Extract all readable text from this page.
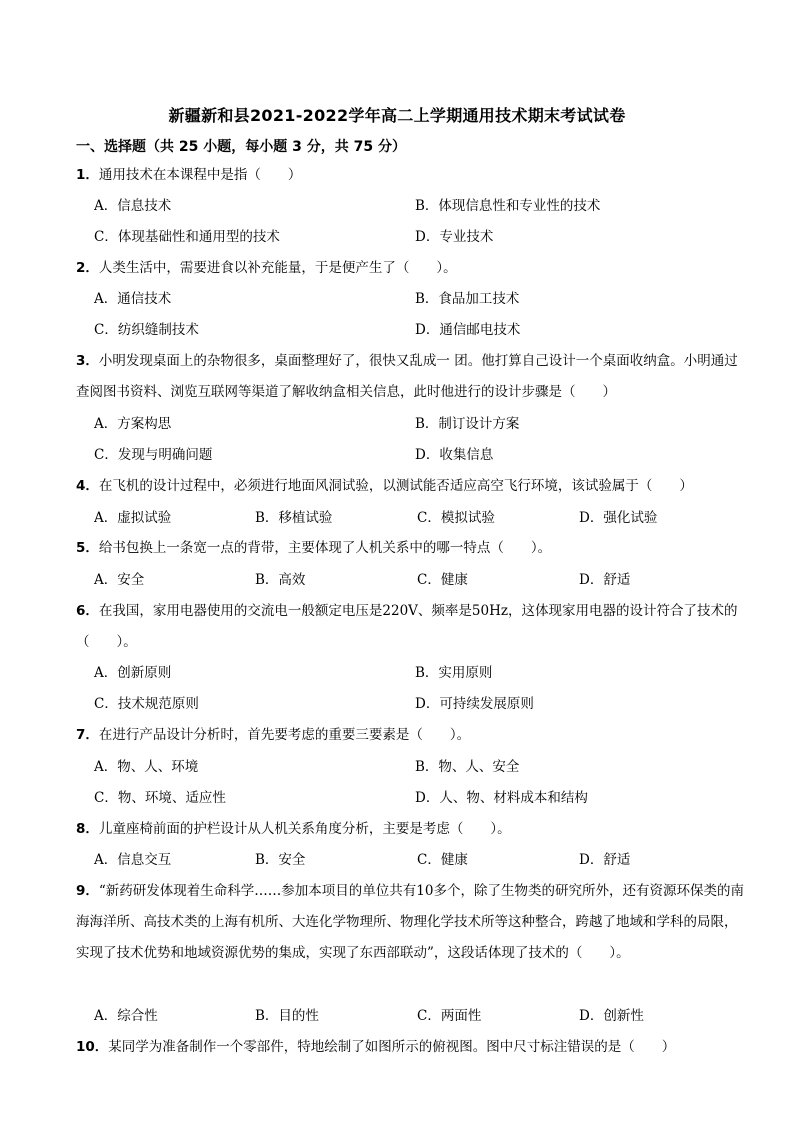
新疆新和县2021-2022学年高二上学期通用技术期末考试试卷
一、选择题（共 25 小题，每小题 3 分，共 75 分）
1．通用技术在本课程中是指（　　）
A．信息技术	B．体现信息性和专业性的技术
C．体现基础性和通用型的技术	D．专业技术
2．人类生活中，需要进食以补充能量，于是便产生了（　　）。
A．通信技术	B．食品加工技术
C．纺织缝制技术	D．通信邮电技术
3．小明发现桌面上的杂物很多，桌面整理好了，很快又乱成一 团。他打算自己设计一个桌面收纳盒。小明通过查阅图书资料、浏览互联网等渠道了解收纳盒相关信息，此时他进行的设计步骤是（　　）
A．方案构思	B．制订设计方案
C．发现与明确问题	D．收集信息
4．在飞机的设计过程中，必须进行地面风洞试验，以测试能否适应高空飞行环境，该试验属于（　　）
A．虚拟试验	B．移植试验	C．模拟试验	D．强化试验
5．给书包换上一条宽一点的背带，主要体现了人机关系中的哪一特点（　　）。
A．安全	B．高效	C．健康	D．舒适
6．在我国，家用电器使用的交流电一般额定电压是220V、频率是50Hz，这体现家用电器的设计符合了技术的（　　）。
A．创新原则	B．实用原则
C．技术规范原则	D．可持续发展原则
7．在进行产品设计分析时，首先要考虑的重要三要素是（　　）。
A．物、人、环境	B．物、人、安全
C．物、环境、适应性	D．人、物、材料成本和结构
8．儿童座椅前面的护栏设计从人机关系角度分析，主要是考虑（　　）。
A．信息交互	B．安全	C．健康	D．舒适
9．“新药研发体现着生命科学……参加本项目的单位共有10多个，除了生物类的研究所外，还有资源环保类的南海海洋所、高技术类的上海有机所、大连化学物理所、物理化学技术所等这种整合，跨越了地域和学科的局限，实现了技术优势和地域资源优势的集成，实现了东西部联动”，这段话体现了技术的（　　）。
A．综合性	B．目的性	C．两面性	D．创新性
10．某同学为准备制作一个零部件，特地绘制了如图所示的俯视图。图中尺寸标注错误的是（　　）
